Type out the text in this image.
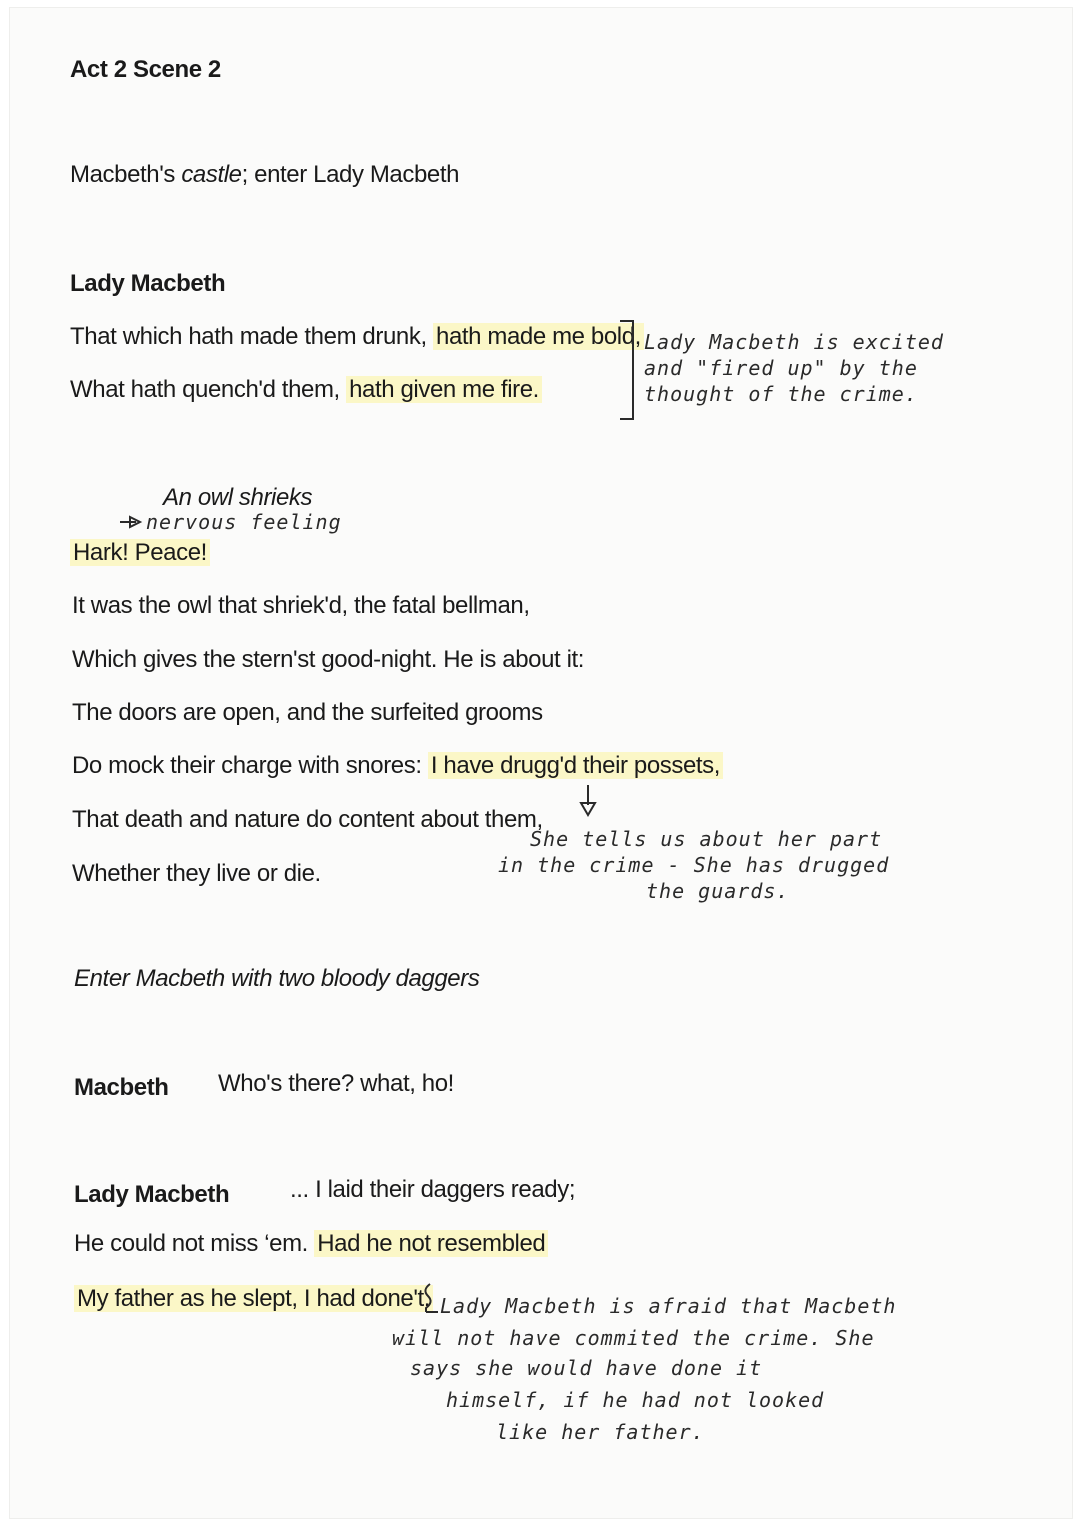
Act 2 Scene 2
Macbeth's castle; enter Lady Macbeth
Lady Macbeth
That which hath made them drunk, hath made me bold,
What hath quench'd them, hath given me fire.
Lady Macbeth is excited
and "fired up" by the
thought of the crime.
An owl shrieks
nervous feeling
Hark! Peace!
It was the owl that shriek'd, the fatal bellman,
Which gives the stern'st good-night. He is about it:
The doors are open, and the surfeited grooms
Do mock their charge with snores: I have drugg'd their possets,
That death and nature do content about them,
Whether they live or die.
She tells us about her part
in the crime - She has drugged
the guards.
Enter Macbeth with two bloody daggers
Macbeth Who's there? what, ho!
Lady Macbeth	... I laid their daggers ready;
He could not miss ‘em. Had he not resembled
My father as he slept, I had done't. Lady Macbeth is afraid that Macbeth
will not have commited the crime. She
says she would have done it
himself, if he had not looked
like her father.
